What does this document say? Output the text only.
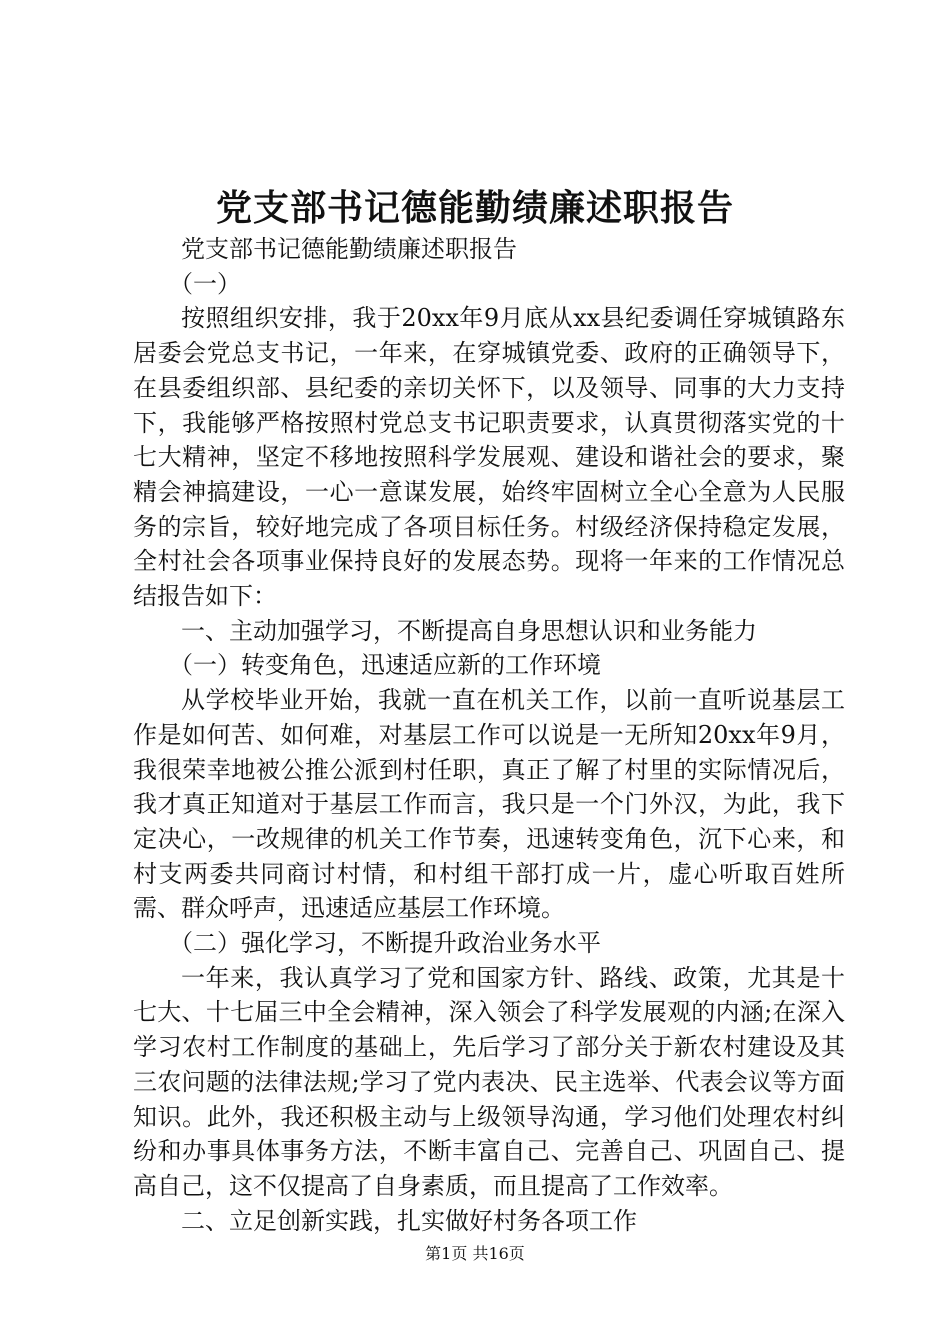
党支部书记德能勤绩廉述职报告

党支部书记德能勤绩廉述职报告

（一）

按照组织安排，我于20xx年9月底从xx县纪委调任穿城镇路东居委会党总支书记，一年来，在穿城镇党委、政府的正确领导下，在县委组织部、县纪委的亲切关怀下，以及领导、同事的大力支持下，我能够严格按照村党总支书记职责要求，认真贯彻落实党的十七大精神，坚定不移地按照科学发展观、建设和谐社会的要求，聚精会神搞建设，一心一意谋发展，始终牢固树立全心全意为人民服务的宗旨，较好地完成了各项目标任务。村级经济保持稳定发展，全村社会各项事业保持良好的发展态势。现将一年来的工作情况总结报告如下：

一、主动加强学习，不断提高自身思想认识和业务能力

（一）转变角色，迅速适应新的工作环境

从学校毕业开始，我就一直在机关工作，以前一直听说基层工作是如何苦、如何难，对基层工作可以说是一无所知20xx年9月，我很荣幸地被公推公派到村任职，真正了解了村里的实际情况后，我才真正知道对于基层工作而言，我只是一个门外汉，为此，我下定决心，一改规律的机关工作节奏，迅速转变角色，沉下心来，和村支两委共同商讨村情，和村组干部打成一片，虚心听取百姓所需、群众呼声，迅速适应基层工作环境。

（二）强化学习，不断提升政治业务水平

一年来，我认真学习了党和国家方针、路线、政策，尤其是十七大、十七届三中全会精神，深入领会了科学发展观的内涵;在深入学习农村工作制度的基础上，先后学习了部分关于新农村建设及其三农问题的法律法规;学习了党内表决、民主选举、代表会议等方面知识。此外，我还积极主动与上级领导沟通，学习他们处理农村纠纷和办事具体事务方法，不断丰富自己、完善自己、巩固自己、提高自己，这不仅提高了自身素质，而且提高了工作效率。

二、立足创新实践，扎实做好村务各项工作

第1页 共16页
